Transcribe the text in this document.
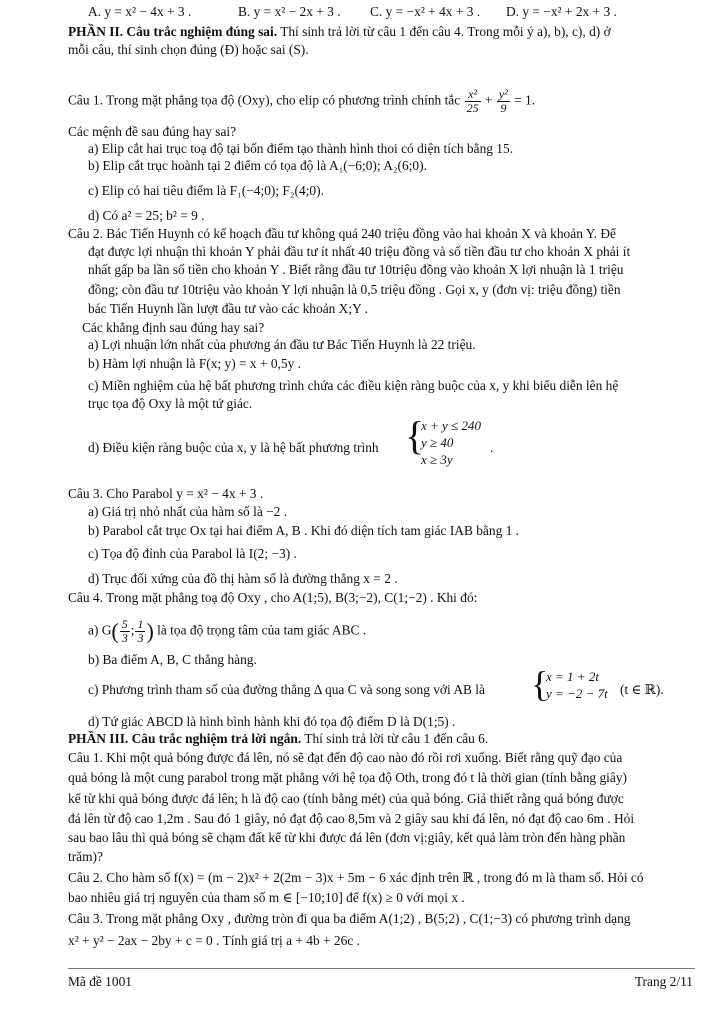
A. y = x² − 4x + 3 .	B. y = x² − 2x + 3 . C. y = −x² + 4x + 3 . D. y = −x² + 2x + 3 .
PHẦN II. Câu trắc nghiệm đúng sai. Thí sinh trả lời từ câu 1 đến câu 4. Trong mỗi ý a), b), c), d) ở
mỗi câu, thí sinh chọn đúng (Đ) hoặc sai (S).
Câu 1. Trong mặt phẳng tọa độ (Oxy), cho elip có phương trình chính tắc $\frac{\text{x²}}{25} + \frac{\text{y²}}{9} = 1$.
Các mệnh đề sau đúng hay sai?
a) Elip cắt hai trục toạ độ tại bốn điểm tạo thành hình thoi có diện tích bằng 15.
b) Elip cắt trục hoành tại 2 điểm có tọa độ là A₁(−6;0); A₂(6;0).
c) Elip có hai tiêu điểm là F₁(−4;0); F₂(4;0).
d) Có a² = 25; b² = 9 .
Câu 2. Bác Tiến Huynh có kế hoạch đầu tư không quá 240 triệu đồng vào hai khoản X và khoản Y. Để
đạt được lợi nhuận thì khoản Y phải đầu tư ít nhất 40 triệu đồng và số tiền đầu tư cho khoản X phải ít
nhất gấp ba lần số tiền cho khoản Y . Biết rằng đầu tư 10triệu đồng vào khoản X lợi nhuận là 1 triệu
đồng; còn đầu tư 10triệu vào khoản Y lợi nhuận là 0,5 triệu đồng . Gọi x, y (đơn vị: triệu đồng) tiền
bác Tiến Huynh lần lượt đầu tư vào các khoản X;Y .
Các khẳng định sau đúng hay sai?
a) Lợi nhuận lớn nhất của phương án đầu tư Bác Tiến Huynh là 22 triệu.
b) Hàm lợi nhuận là F(x; y) = x + 0,5y .
c) Miền nghiệm của hệ bất phương trình chứa các điều kiện ràng buộc của x, y khi biểu diễn lên hệ
trục tọa độ Oxy là một tứ giác.
d) Điều kiện ràng buộc của x, y là hệ bất phương trình {
x + y ≤ 240
y ≥ 40
x ≥ 3y
.
Câu 3. Cho Parabol y = x² − 4x + 3 .
a) Giá trị nhỏ nhất của hàm số là −2 .
b) Parabol cắt trục Ox tại hai điểm A, B . Khi đó diện tích tam giác IAB bằng 1 .
c) Tọa độ đỉnh của Parabol là I(2; −3) .
d) Trục đối xứng của đồ thị hàm số là đường thẳng x = 2 .
Câu 4. Trong mặt phẳng toạ độ Oxy , cho A(1;5), B(3;−2), C(1;−2) . Khi đó:
a) $G( \frac{5}{3}$ ; $\frac{1}{3}$ ) là tọa độ trọng tâm của tam giác ABC .
b) Ba điểm A, B, C thẳng hàng.
c) Phương trình tham số của đường thẳng Δ qua C và song song với AB là {
x = 1 + 2t
y = −2 − 7t (t ∈ ℝ).
d) Tứ giác ABCD là hình bình hành khi đó tọa độ điểm D là D(1;5) .
PHẦN III. Câu trắc nghiệm trả lời ngắn. Thí sinh trả lời từ câu 1 đến câu 6.
Câu 1. Khi một quả bóng được đá lên, nó sẽ đạt đến độ cao nào đó rồi rơi xuống. Biết rằng quỹ đạo của
quả bóng là một cung parabol trong mặt phẳng với hệ tọa độ Oth, trong đó t là thời gian (tính bằng giây)
kể từ khi quả bóng được đá lên; h là độ cao (tính bằng mét) của quả bóng. Giả thiết rằng quả bóng được
đá lên từ độ cao 1,2m . Sau đó 1 giây, nó đạt độ cao 8,5m và 2 giây sau khi đá lên, nó đạt độ cao 6m . Hỏi
sau bao lâu thì quả bóng sẽ chạm đất kể từ khi được đá lên (đơn vị:giây, kết quả làm tròn đến hàng phần
trăm)?
Câu 2. Cho hàm số f(x) = (m − 2)x² + 2(2m − 3)x + 5m − 6 xác định trên ℝ , trong đó m là tham số. Hỏi có
bao nhiêu giá trị nguyên của tham số m ∈ [−10;10] để f(x) ≥ 0 với mọi x .
Câu 3. Trong mặt phẳng Oxy , đường tròn đi qua ba điểm A(1;2) , B(5;2) , C(1;−3) có phương trình dạng
x² + y² − 2ax − 2by + c = 0 . Tính giá trị a + 4b + 26c .
Mã đề 1001	Trang 2/11
